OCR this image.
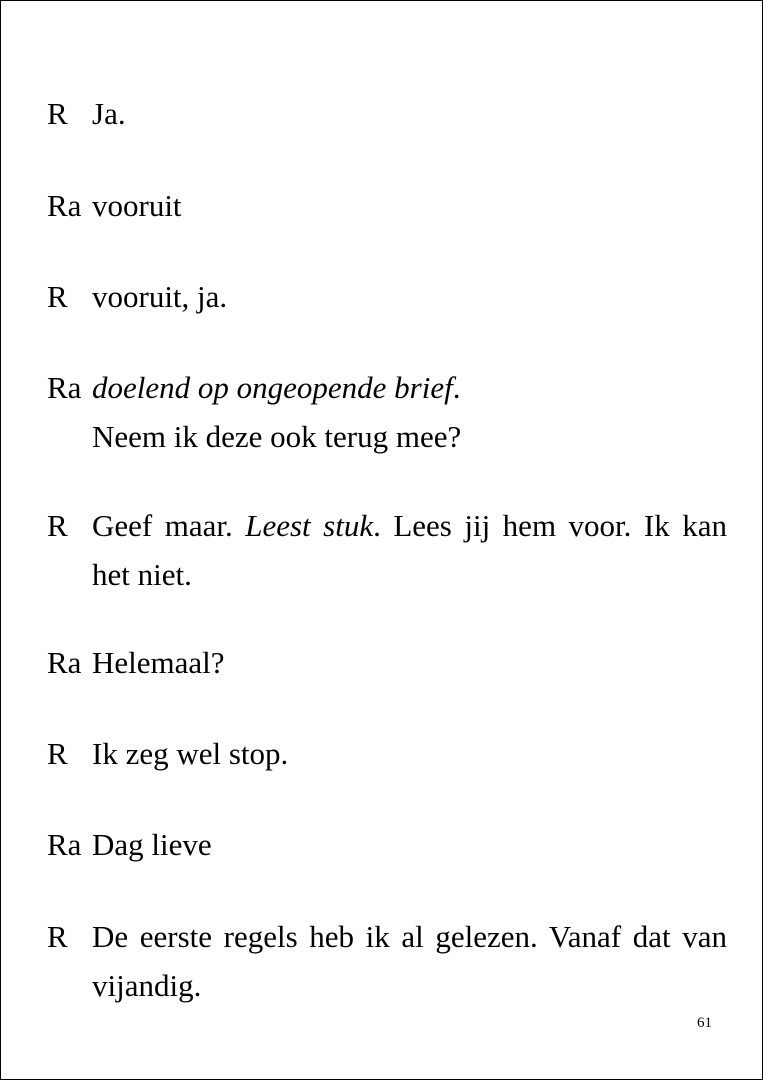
R Ja.
Ra vooruit
R vooruit, ja.
Ra doelend op ongeopende brief.
Neem ik deze ook terug mee?
R Geef maar. Leest stuk. Lees jij hem voor. Ik kan het niet.
Ra Helemaal?
R Ik zeg wel stop.
Ra Dag lieve
R De eerste regels heb ik al gelezen. Vanaf dat van vijandig.
61
